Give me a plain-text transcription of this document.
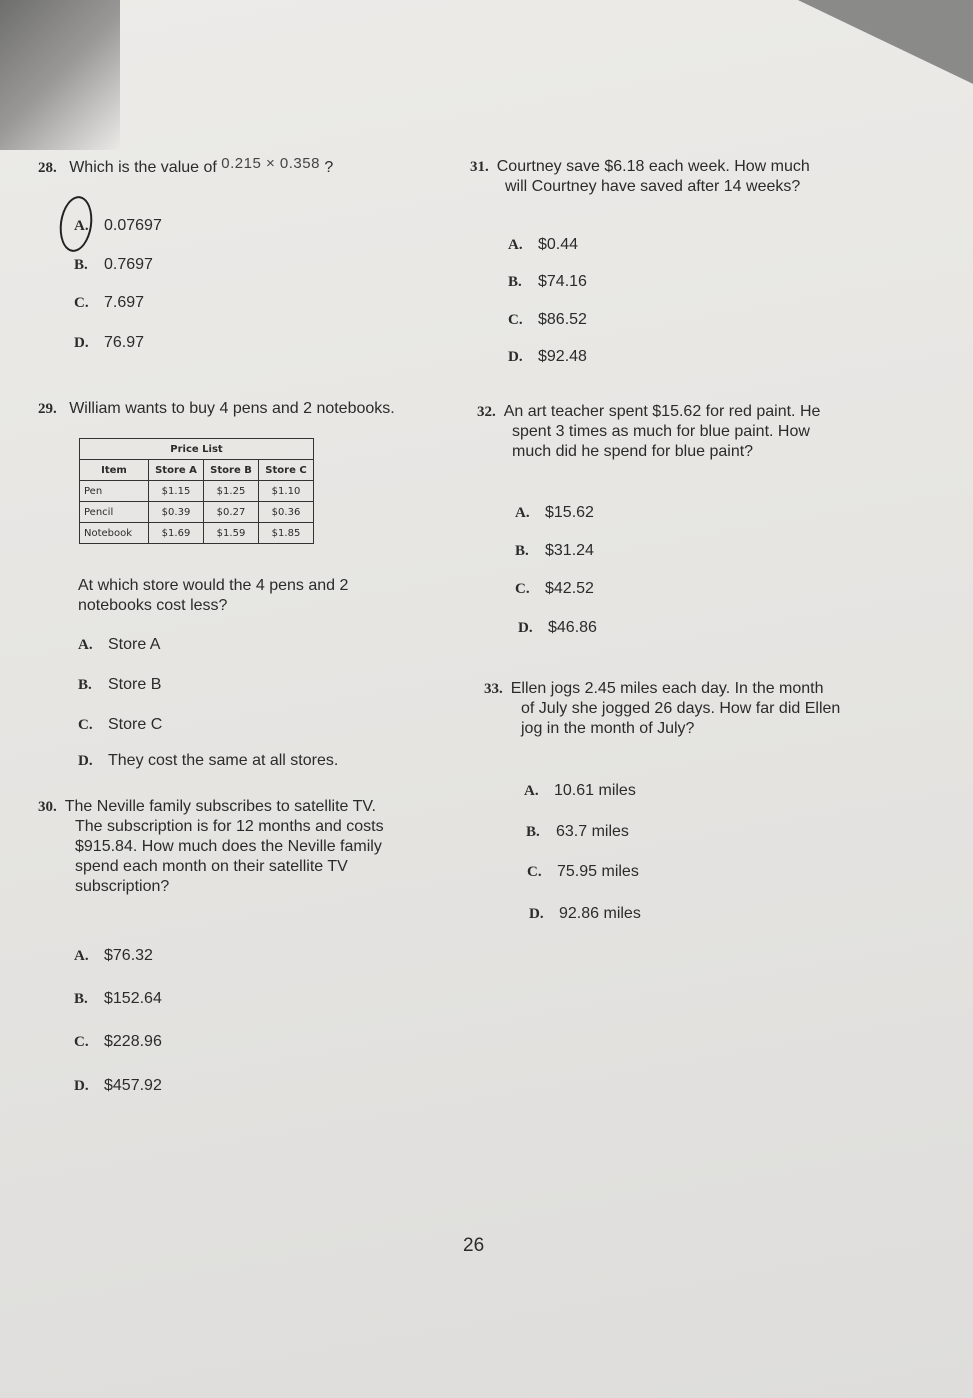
28. Which is the value of 0.215 × 0.358 ?
A. 0.07697
B. 0.7697
C. 7.697
D. 76.97
29. William wants to buy 4 pens and 2 notebooks.
Price List			
Item	Store A	Store B	Store C
Pen	$1.15	$1.25	$1.10
Pencil	$0.39	$0.27	$0.36
Notebook	$1.69	$1.59	$1.85
At which store would the 4 pens and 2
notebooks cost less?
A. Store A
B. Store B
C. Store C
D. They cost the same at all stores.
30. The Neville family subscribes to satellite TV.
The subscription is for 12 months and costs
$915.84. How much does the Neville family
spend each month on their satellite TV
subscription?
A. $76.32
B. $152.64
C. $228.96
D. $457.92
31. Courtney save $6.18 each week. How much
will Courtney have saved after 14 weeks?
A. $0.44
B. $74.16
C. $86.52
D. $92.48
32. An art teacher spent $15.62 for red paint. He
spent 3 times as much for blue paint. How
much did he spend for blue paint?
A. $15.62
B. $31.24
C. $42.52
D. $46.86
33. Ellen jogs 2.45 miles each day. In the month
of July she jogged 26 days. How far did Ellen
jog in the month of July?
A. 10.61 miles
B. 63.7 miles
C. 75.95 miles
D. 92.86 miles
26
